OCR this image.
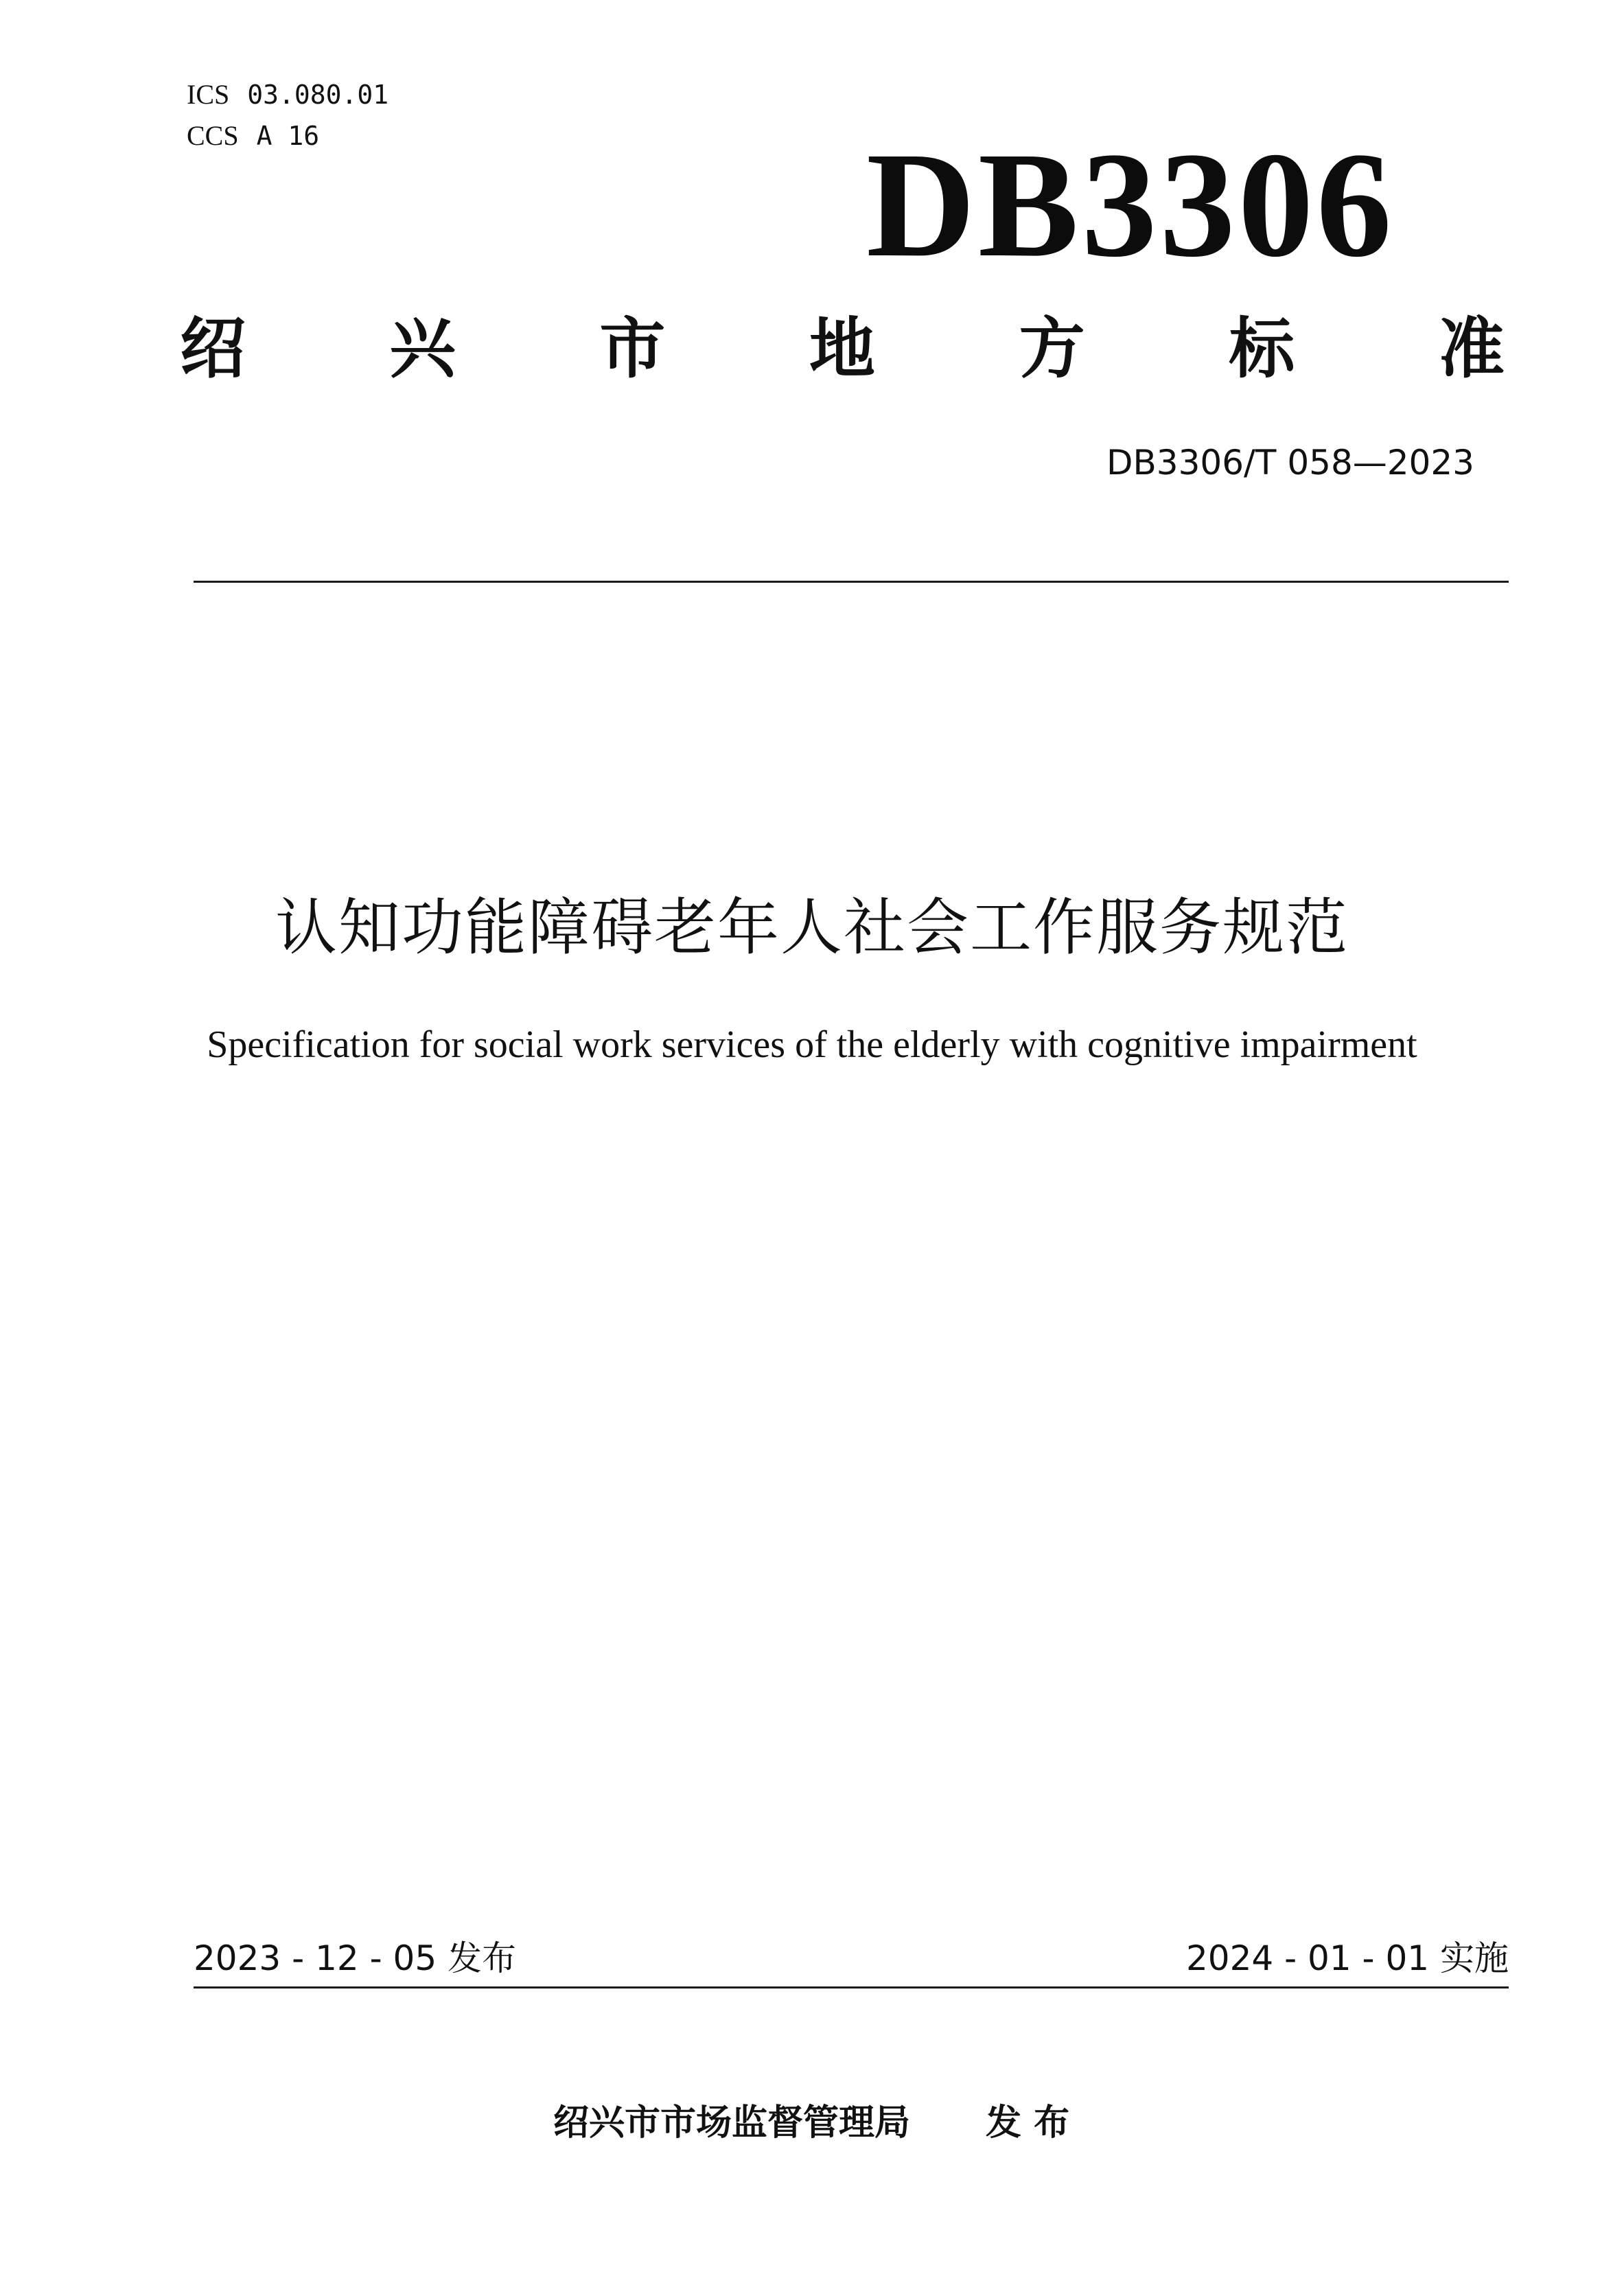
ICS 03.080.01
CCS A 16	DB3306
绍 兴 市 地 方 标 准
DB3306/T 058—2023
认知功能障碍老年人社会工作服务规范
Specification for social work services of the elderly with cognitive impairment
2023 - 12 - 05 发布	2024 - 01 - 01 实施
绍兴市市场监督管理局 发 布
